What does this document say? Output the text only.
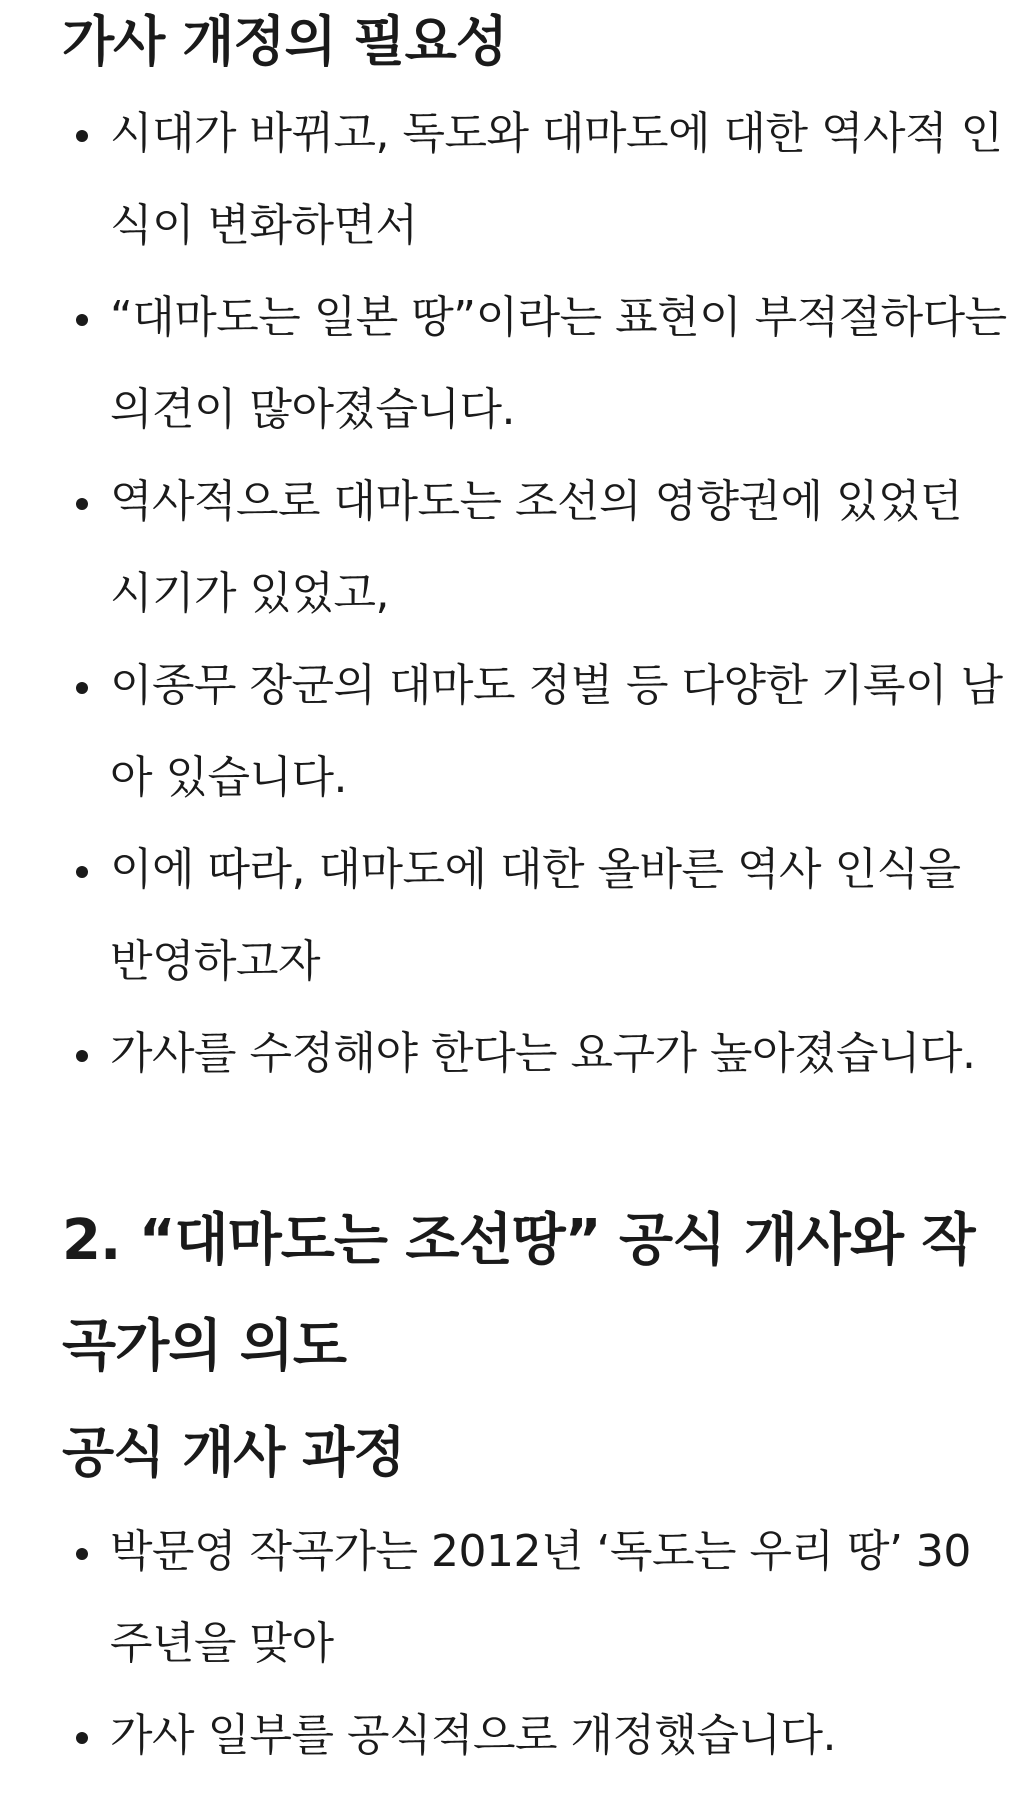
가사 개정의 필요성
시대가 바뀌고, 독도와 대마도에 대한 역사적 인식이 변화하면서
“대마도는 일본 땅”이라는 표현이 부적절하다는 의견이 많아졌습니다.
역사적으로 대마도는 조선의 영향권에 있었던 시기가 있었고,
이종무 장군의 대마도 정벌 등 다양한 기록이 남아 있습니다.
이에 따라, 대마도에 대한 올바른 역사 인식을 반영하고자
가사를 수정해야 한다는 요구가 높아졌습니다.
2. “대마도는 조선땅” 공식 개사와 작곡가의 의도
공식 개사 과정
박문영 작곡가는 2012년 ‘독도는 우리 땅’ 30주년을 맞아
가사 일부를 공식적으로 개정했습니다.
